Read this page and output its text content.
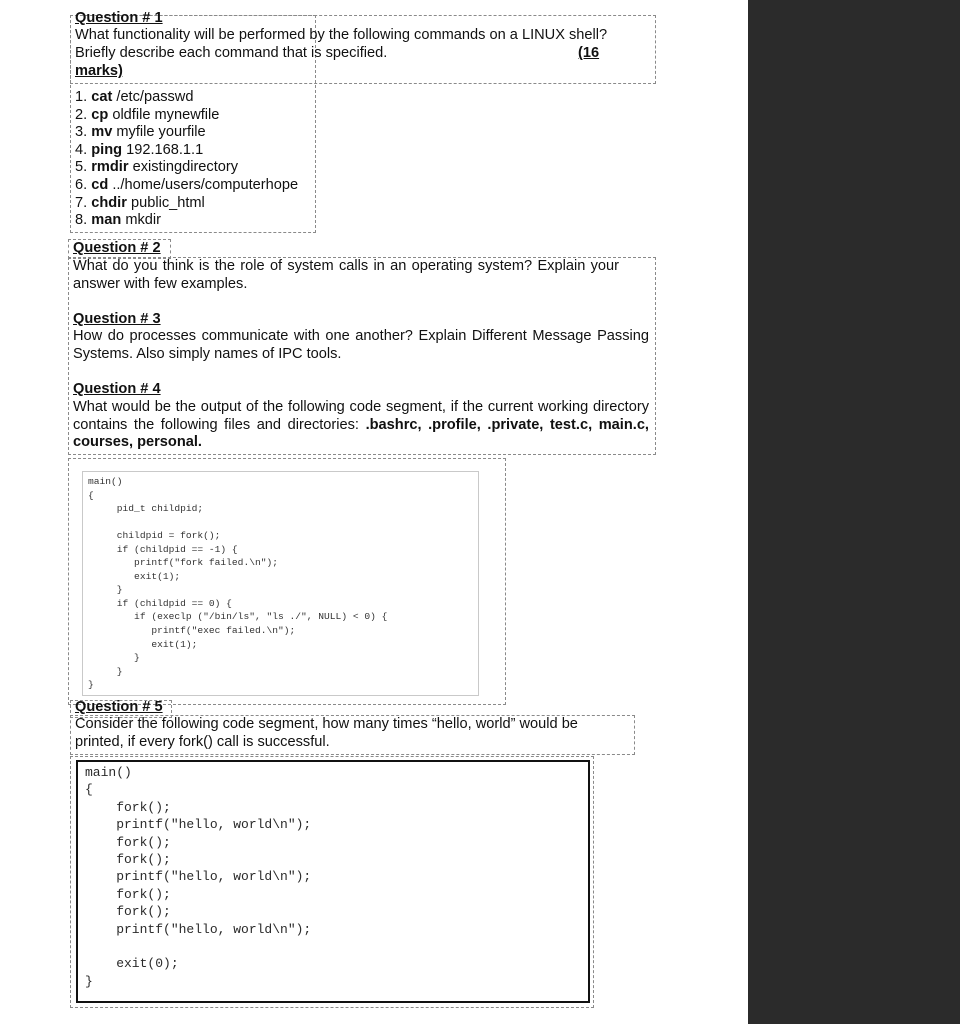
Question # 1
What functionality will be performed by the following commands on a LINUX shell? Briefly describe each command that is specified.	(16
marks)
1. cat /etc/passwd
2. cp oldfile mynewfile
3. mv myfile yourfile
4. ping 192.168.1.1
5. rmdir existingdirectory
6. cd ../home/users/computerhope
7. chdir public_html
8. man mkdir
Question # 2
What do you think is the role of system calls in an operating system? Explain your answer with few examples.
Question # 3
How do processes communicate with one another? Explain Different Message Passing Systems. Also simply names of IPC tools.
Question # 4
What would be the output of the following code segment, if the current working directory contains the following files and directories: .bashrc, .profile, .private, test.c, main.c, courses, personal.
main()
{
pid_t childpid;

childpid = fork();
if (childpid == -1) {
printf("fork failed.\n");
exit(1);
}
if (childpid == 0) {
if (execlp ("/bin/ls", "ls ./", NULL) < 0) {
printf("exec failed.\n");
exit(1);
}
}
}
Question # 5
Consider the following code segment, how many times “hello, world” would be printed, if every fork() call is successful.
main()
{
fork();
printf("hello, world\n");
fork();
fork();
printf("hello, world\n");
fork();
fork();
printf("hello, world\n");

exit(0);
}
